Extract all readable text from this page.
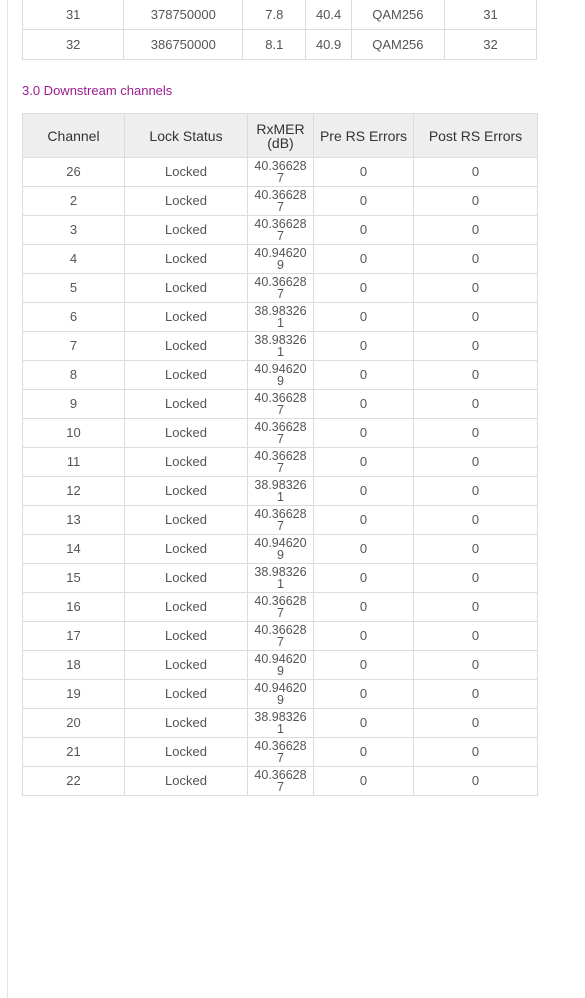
31	378750000	7.8	40.4	QAM256	31
32	386750000	8.1	40.9	QAM256	32
3.0 Downstream channels
Channel	Lock Status	RxMER (dB)	Pre RS Errors	Post RS Errors
26	Locked	40.366287	0	0
2	Locked	40.366287	0	0
3	Locked	40.366287	0	0
4	Locked	40.946209	0	0
5	Locked	40.366287	0	0
6	Locked	38.983261	0	0
7	Locked	38.983261	0	0
8	Locked	40.946209	0	0
9	Locked	40.366287	0	0
10	Locked	40.366287	0	0
11	Locked	40.366287	0	0
12	Locked	38.983261	0	0
13	Locked	40.366287	0	0
14	Locked	40.946209	0	0
15	Locked	38.983261	0	0
16	Locked	40.366287	0	0
17	Locked	40.366287	0	0
18	Locked	40.946209	0	0
19	Locked	40.946209	0	0
20	Locked	38.983261	0	0
21	Locked	40.366287	0	0
22	Locked	40.366287	0	0
